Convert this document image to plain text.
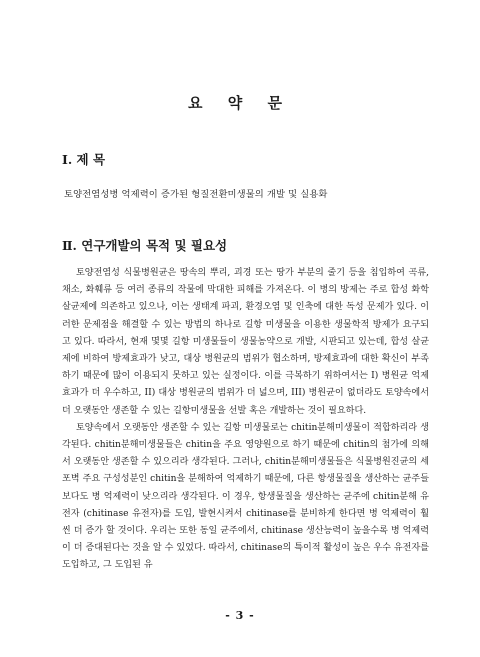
요 약 문
I. 제 목
토양전염성병 억제력이 증가된 형질전환미생물의 개발 및 실용화
Ⅱ. 연구개발의 목적 및 필요성

토양전염성 식물병원균은 땅속의 뿌리, 괴경 또는 땅가 부분의 줄기 등을 침입하여 곡류, 채소, 화훼류 등 여러 종류의 작물에 막대한 피해를 가져온다. 이 병의 방제는 주로 합성 화학 살균제에 의존하고 있으나, 이는 생태계 파괴, 환경오염 및 인축에 대한 독성 문제가 있다. 이러한 문제점을 해결할 수 있는 방법의 하나로 길항 미생물을 이용한 생물학적 방제가 요구되고 있다. 따라서, 현재 몇몇 길항 미생물들이 생물농약으로 개발, 시판되고 있는데, 합성 살균제에 비하여 방제효과가 낮고, 대상 병원균의 범위가 협소하며, 방제효과에 대한 확신이 부족하기 때문에 많이 이용되지 못하고 있는 실정이다. 이를 극복하기 위하여서는 I) 병원균 억제효과가 더 우수하고, II) 대상 병원균의 범위가 더 넓으며, III) 병원균이 없더라도 토양속에서 더 오랫동안 생존할 수 있는 길항미생물을 선발 혹은 개발하는 것이 필요하다.

토양속에서 오랫동안 생존할 수 있는 길항 미생물로는 chitin분해미생물이 적합하리라 생각된다. chitin분해미생물들은 chitin을 주요 영양원으로 하기 때문에 chitin의 첨가에 의해서 오랫동안 생존할 수 있으리라 생각된다. 그러나, chitin분해미생물들은 식물병원진균의 세포벽 주요 구성성분인 chitin을 분해하여 억제하기 때문에, 다른 항생물질을 생산하는 균주들보다도 병 억제력이 낮으리라 생각된다. 이 경우, 항생물질을 생산하는 균주에 chitin분해 유전자 (chitinase 유전자)를 도입, 발현시켜서 chitinase를 분비하게 한다면 병 억제력이 훨씬 더 증가 할 것이다. 우리는 또한 동일 균주에서, chitinase 생산능력이 높을수록 병 억제력이 더 증대된다는 것을 알 수 있었다. 따라서, chitinase의 특이적 활성이 높은 우수 유전자를 도입하고, 그 도입된 유

- 3 -
